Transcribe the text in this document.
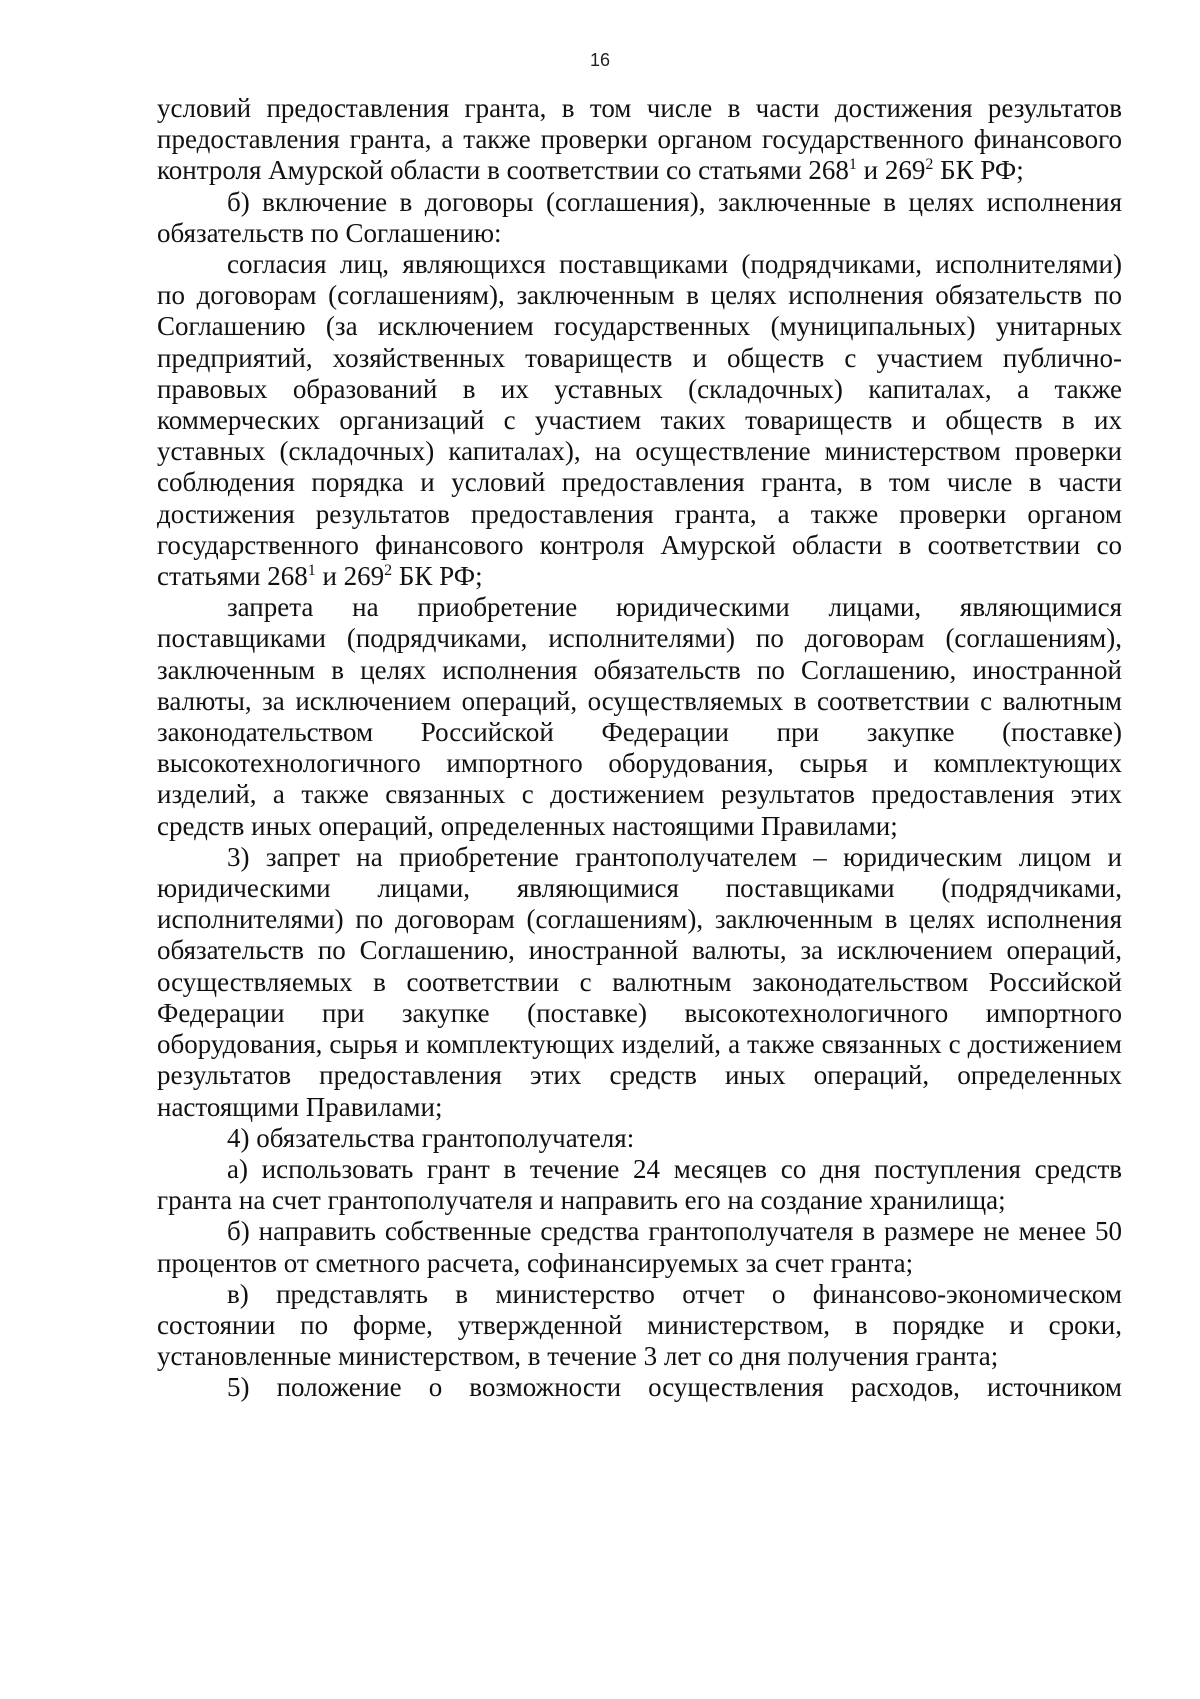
16

условий предоставления гранта, в том числе в части достижения результатов предоставления гранта, а также проверки органом государственного финансового контроля Амурской области в соответствии со статьями $268^1$ и $269^2$ БК РФ;

б) включение в договоры (соглашения), заключенные в целях исполнения обязательств по Соглашению:

согласия лиц, являющихся поставщиками (подрядчиками, исполнителями) по договорам (соглашениям), заключенным в целях исполнения обязательств по Соглашению (за исключением государственных (муниципальных) унитарных предприятий, хозяйственных товариществ и обществ с участием публично-правовых образований в их уставных (складочных) капиталах, а также коммерческих организаций с участием таких товариществ и обществ в их уставных (складочных) капиталах), на осуществление министерством проверки соблюдения порядка и условий предоставления гранта, в том числе в части достижения результатов предоставления гранта, а также проверки органом государственного финансового контроля Амурской области в соответствии со статьями $268^1$ и $269^2$ БК РФ;

запрета на приобретение юридическими лицами, являющимися поставщиками (подрядчиками, исполнителями) по договорам (соглашениям), заключенным в целях исполнения обязательств по Соглашению, иностранной валюты, за исключением операций, осуществляемых в соответствии с валютным законодательством Российской Федерации при закупке (поставке) высокотехнологичного импортного оборудования, сырья и комплектующих изделий, а также связанных с достижением результатов предоставления этих средств иных операций, определенных настоящими Правилами;

3) запрет на приобретение грантополучателем – юридическим лицом и юридическими лицами, являющимися поставщиками (подрядчиками, исполнителями) по договорам (соглашениям), заключенным в целях исполнения обязательств по Соглашению, иностранной валюты, за исключением операций, осуществляемых в соответствии с валютным законодательством Российской Федерации при закупке (поставке) высокотехнологичного импортного оборудования, сырья и комплектующих изделий, а также связанных с достижением результатов предоставления этих средств иных операций, определенных настоящими Правилами;

4) обязательства грантополучателя:

а) использовать грант в течение 24 месяцев со дня поступления средств гранта на счет грантополучателя и направить его на создание хранилища;

б) направить собственные средства грантополучателя в размере не менее 50 процентов от сметного расчета, софинансируемых за счет гранта;

в) представлять в министерство отчет о финансово-экономическом состоянии по форме, утвержденной министерством, в порядке и сроки, установленные министерством, в течение 3 лет со дня получения гранта;

5) положение о возможности осуществления расходов, источником
